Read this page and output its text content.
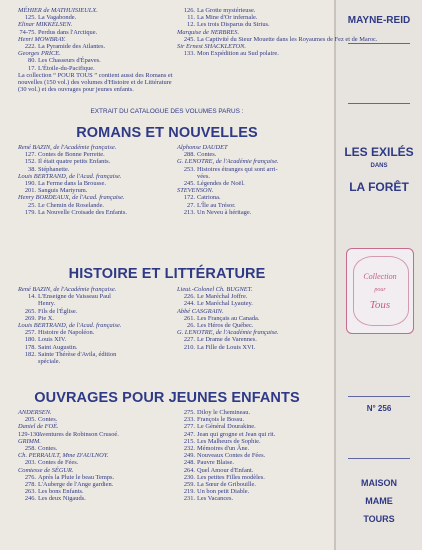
MÉHIER de MATHUISIEULX.
125. La Vagabonde.
Elinar MIKKELSEN.
74-75. Perdus dans l'Arctique.
Henri MOWBRAY.
222. La Pyramide des Atlantes.
Georges PRICE.
80. Les Chasseurs d'Épaves.
17. L'Étoile-du-Pacifique.
126. La Grotte mystérieuse.
11. La Mine d'Or infernale.
12. Les trois Disparus du Sirius.
Marquise de NERBRES.
245. La Captivité du Sieur Mouette dans les Royaumes de Fez et de Maroc.
Sir Ernest SHACKLETON.
133. Mon Expédition au Sud polaire.
La collection “ POUR TOUS ” contient aussi des Romans et
nouvelles (150 vol.) des volumes d'Histoire et de Littérature
(30 vol.) et des ouvrages pour jeunes enfants.
EXTRAIT DU CATALOGUE DES VOLUMES PARUS :
ROMANS ET NOUVELLES
René BAZIN, de l'Académie française.
127. Contes de Bonne Perrette.
152. Il était quatre petits Enfants.
38. Stéphanette.
Louis BERTRAND, de l'Acad. française.
190. La Ferme dans la Brousse.
201. Sanguis Martyrum.
Henry BORDEAUX, de l'Acad. française.
25. Le Chemin de Roselande.
179. La Nouvelle Croisade des Enfants.
Alphonse DAUDET
288. Contes.
G. LENOTRE, de l'Académie française.
253. Histoires étranges qui sont arri-
vées.
245. Légendes de Noël.
STEVENSON.
172. Catriona.
27. L'Île au Trésor.
213. Un Neveu à héritage.
HISTOIRE ET LITTÉRATURE
René BAZIN, de l'Académie française.
14. L'Enseigne de Vaisseau Paul
Henry.
265. Fils de l'Église.
269. Pie X.
Louis BERTRAND, de l'Acad. française.
257. Histoire de Napoléon.
180. Louis XIV.
178. Saint Augustin.
182. Sainte Thérèse d'Avila, édition
spéciale.
Lieut.-Colonel Ch. BUGNET.
226. Le Maréchal Joffre.
244. Le Maréchal Lyautey.
Abbé CASGRAIN.
261. Les Français au Canada.
26. Les Héros de Québec.
G. LENOTRE, de l'Académie française.
227. Le Drame de Varennes.
210. La Fille de Louis XVI.
OUVRAGES POUR JEUNES ENFANTS
ANDERSEN.
205. Contes.
Daniel de FOË.
129-130.Aventures de Robinson Crusoé.
GRIMM.
258. Contes.
Ch. PERRAULT, Mme D'AULNOY.
203. Contes de Fées.
Comtesse de SÉGUR.
276. Après la Pluie le beau Temps.
278. L'Auberge de l'Ange gardien.
263. Les bons Enfants.
246. Les deux Nigauds.
275. Diloy le Chemineau.
233. François le Bossu.
277. Le Général Dourakine.
247. Jean qui grogne et Jean qui rit.
215. Les Malheurs de Sophie.
232. Mémoires d'un Âne.
249. Nouveaux Contes de Fées.
248. Pauvre Blaise.
264. Quel Amour d'Enfant.
230. Les petites Filles modèles.
259. La Sœur de Gribouille.
219. Un bon petit Diable.
231. Les Vacances.
MAYNE-REID
LES EXILÉS
DANS
LA FORÊT
Collection
pour
Tous
N° 256
MAISON
MAME
TOURS
